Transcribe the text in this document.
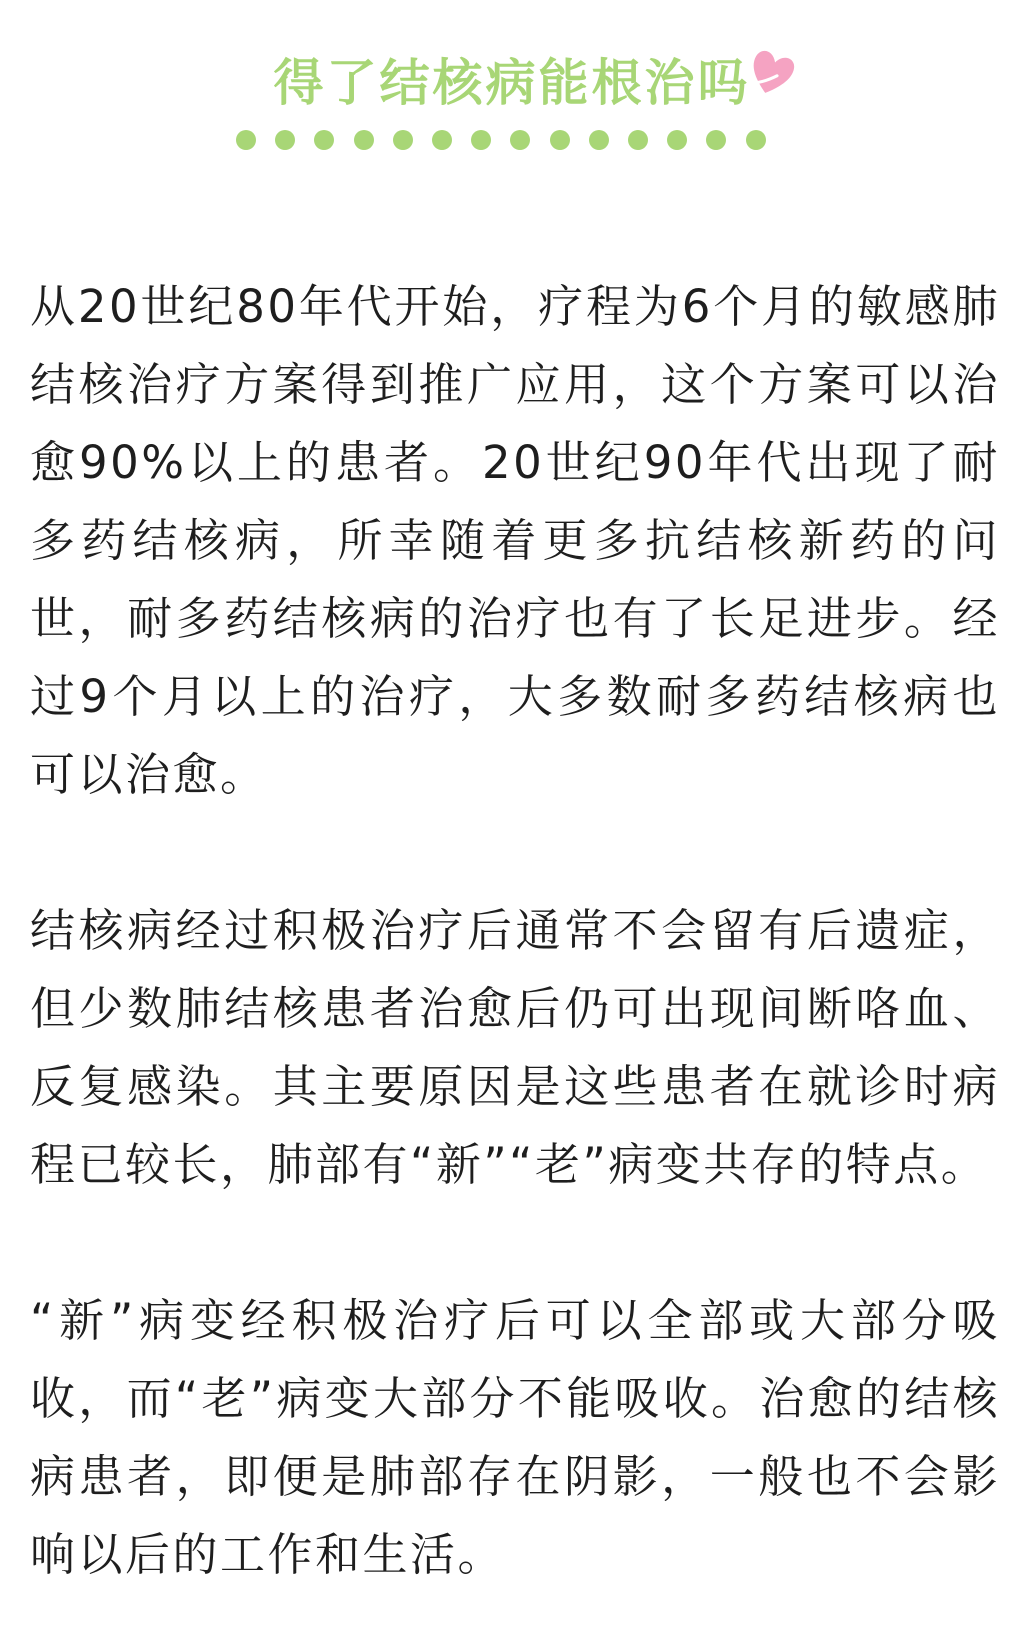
得了结核病能根治吗

从20世纪80年代开始，疗程为6个月的敏感肺结核治疗方案得到推广应用，这个方案可以治愈90%以上的患者。20世纪90年代出现了耐多药结核病，所幸随着更多抗结核新药的问世，耐多药结核病的治疗也有了长足进步。经过9个月以上的治疗，大多数耐多药结核病也可以治愈。

结核病经过积极治疗后通常不会留有后遗症，但少数肺结核患者治愈后仍可出现间断咯血、反复感染。其主要原因是这些患者在就诊时病程已较长，肺部有“新”“老”病变共存的特点。

“新”病变经积极治疗后可以全部或大部分吸收，而“老”病变大部分不能吸收。治愈的结核病患者，即便是肺部存在阴影，一般也不会影响以后的工作和生活。
